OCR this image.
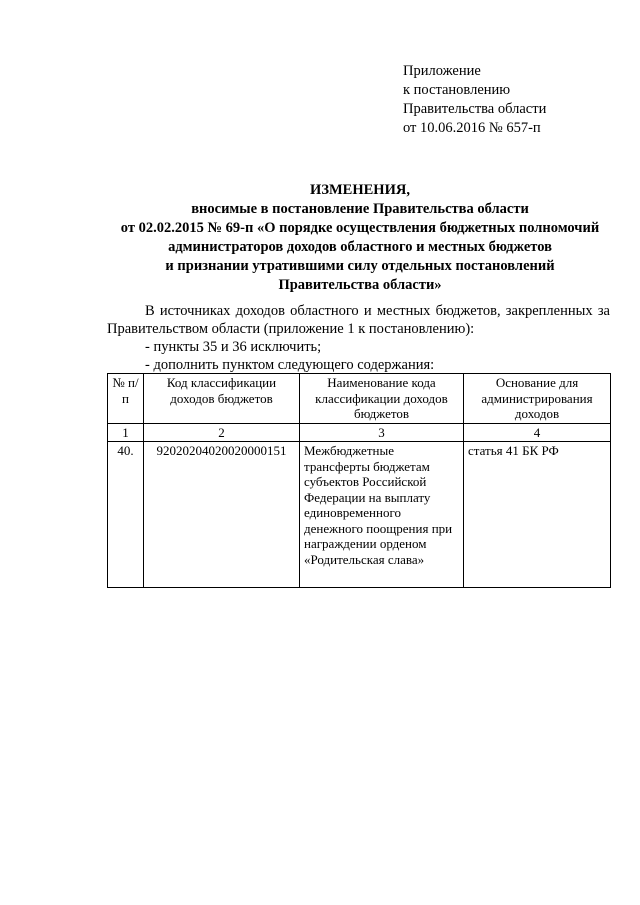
Приложение
к постановлению
Правительства области
от 10.06.2016 № 657-п
ИЗМЕНЕНИЯ,
вносимые в постановление Правительства области
от 02.02.2015 № 69-п «О порядке осуществления бюджетных полномочий
администраторов доходов областного и местных бюджетов
и признании утратившими силу отдельных постановлений
Правительства области»

В источниках доходов областного и местных бюджетов, закрепленных за Правительством области (приложение 1 к постановлению):

- пункты 35 и 36 исключить;

- дополнить пунктом следующего содержания:

№ п/п	Код классификации доходов бюджетов	Наименование кода классификации доходов бюджетов	Основание для администрирования доходов
1	2	3	4
40.	92020204020020000151	Межбюджетные трансферты бюджетам субъектов Российской Федерации на выплату единовременного денежного поощрения при награждении орденом «Родительская слава»	статья 41 БК РФ
